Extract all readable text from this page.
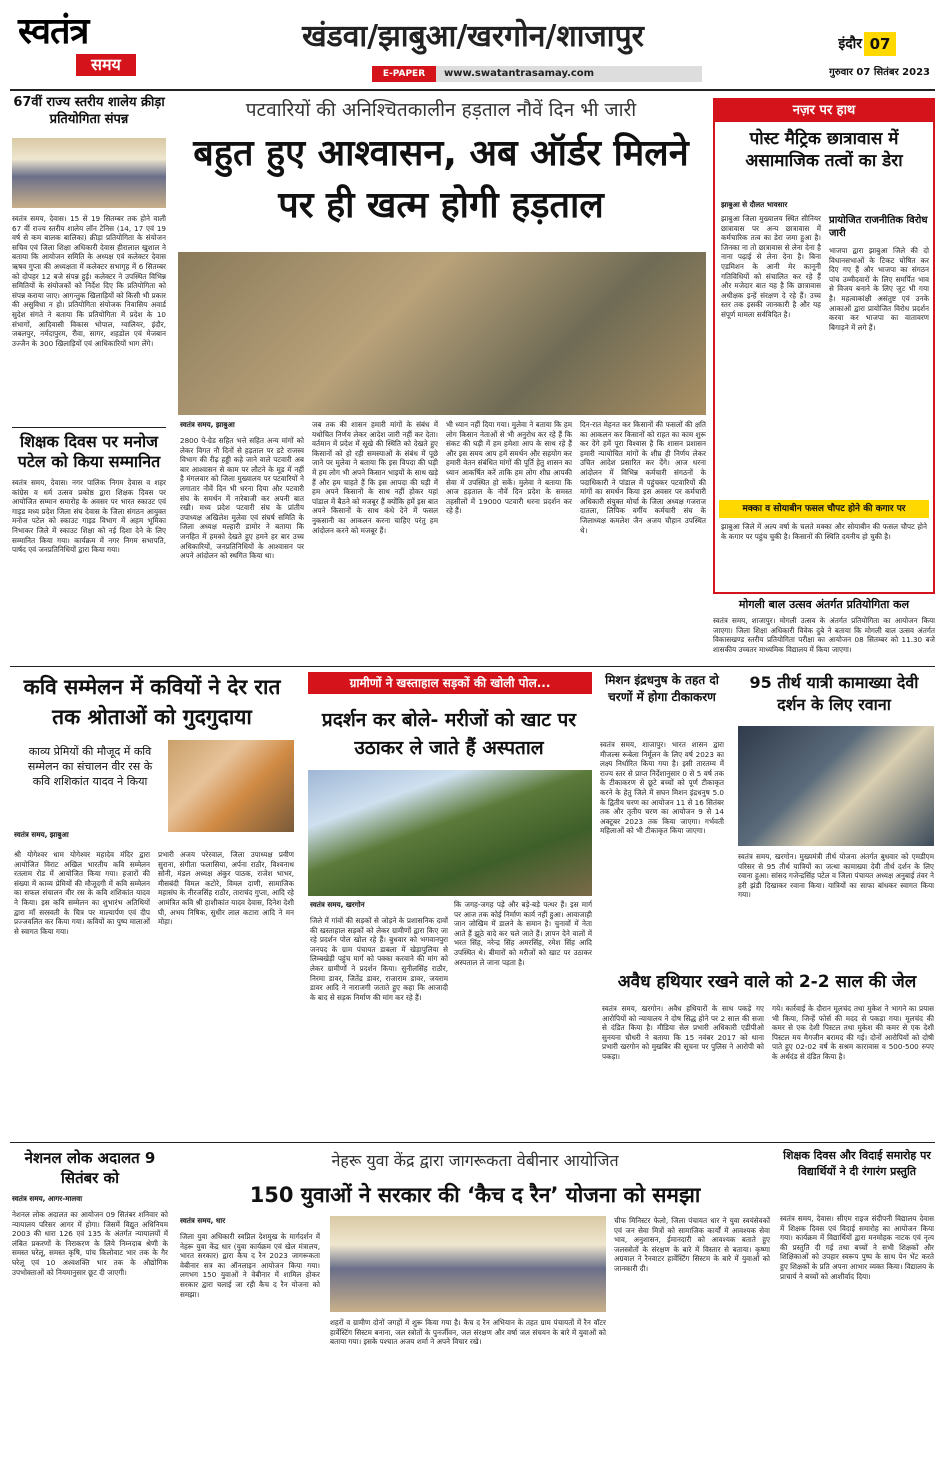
स्वतंत्र
समय
खंडवा/झाबुआ/खरगोन/शाजापुर
E-PAPER	www.swatantrasamay.com
इंदौर 07
गुरुवार 07 सितंबर 2023
67वीं राज्य स्तरीय शालेय क्रीड़ा प्रतियोगिता संपन्न
स्वतंत्र समय, देवास। 15 से 19 सितम्बर तक होने वाली 67 वीं राज्य स्तरीय शालेय लॉन टेनिस (14, 17 एवं 19 वर्ष से कम बालक बालिका) क्रीड़ा प्रतियोगिता के संयोजन सचिव एवं जिला शिक्षा अधिकारी देवास हीरालाल खुशाल ने बताया कि आयोजन समिति के अध्यक्ष एवं कलेक्टर देवास ऋषव गुप्ता की अध्यक्षता में कलेक्टर सभागृह में 6 सितम्बर को दोपहर 12 बजे संपन्न हुई। कलेक्टर ने उपस्थित विभिन्न समितियों के संयोजकों को निर्देश दिए कि प्रतियोगिता को संपन्न कराया जाए। आगन्तुक खिलाड़ियों को किसी भी प्रकार की असुविधा न हो। प्रतियोगिता संयोजक निवासिय अवार्ड सुदेश संगते ने बताया कि प्रतियोगिता में प्रदेश के 10 संभागों, आदिवासी विकास भोपाल, ग्वालियर, इंदौर, जबलपुर, नर्मदापुरम, रीवा, सागर, शहडोल एवं मेजबान उज्जैन के 300 खिलाड़ियों एवं आधिकारियों भाग लेंगे।
शिक्षक दिवस पर मनोज पटेल को किया सम्मानित
स्वतंत्र समय, देवास। नगर पालिक निगम देवास व शहर कांग्रेस व धर्म उत्सव प्रकोष्ठ द्वारा शिक्षक दिवस पर आयोजित सम्मान समारोह के अवसर पर भारत स्काउट एवं गाइड मध्य प्रदेश जिला संघ देवास के जिला संगठन आयुक्त मनोज पटेल को स्काउट गाइड विभाग में अहम भूमिका निभाकर जिले में स्काउट शिक्षा को नई दिशा देने के लिए सम्मानित किया गया। कार्यक्रम में नगर निगम सभापति, पार्षद एवं जनप्रतिनिधियों द्वारा किया गया।
पटवारियों की अनिश्चितकालीन हड़ताल नौवें दिन भी जारी
बहुत हुए आश्वासन, अब ऑर्डर मिलने पर ही खत्म होगी हड़ताल
स्वतंत्र समय, झाबुआ
2800 पे-ग्रेड सहित भत्ते सहित अन्य मांगों को लेकर विगत नौ दिनों से हड़ताल पर डटे राजस्व विभाग की रीढ़ हड्डी कहे जाने वाले पटवारी अब बार आश्वासन से काम पर लौटने के मूड में नहीं है मंगलवार को जिला मुख्यालय पर पटवारियों ने लगातार नौवें दिन भी धरना दिया और पटवारी संघ के समर्थन में नारेबाजी कर अपनी बात रखी। मध्य प्रदेश पटवारी संघ के प्रांतीय उपाध्यक्ष अखिलेश मुलेवा एवं संघर्ष समिति के जिला अध्यक्ष मल्हारी डामोर ने बताया कि जनहित में हमको देखते हुए हमने हर बार उच्च अधिकारियों, जनप्रतिनिधियों के आश्वासन पर अपने आंदोलन को स्थगित किया था।
जब तक की शासन हमारी मांगों के संबंध में यथोचित निर्णय लेकर आदेश जारी नहीं कर देता। वर्तमान में प्रदेश में सूखे की स्थिति को देखते हुए किसानों को हो रही समस्याओं के संबंध में पूछे जाने पर मुलेवा ने बताया कि इस विपदा की घड़ी में हम लोग भी अपने किसान भाइयों के साथ खड़े हैं और हम चाहते हैं कि इस आपदा की घड़ी में हम अपने किसानों के साथ नहीं होकर यहां पांडाल में बैठने को मजबूर हैं क्योंकि हमें इस बात अपने किसानों के साथ कंधे देने में फसल नुकसानी का आकलन करना चाहिए परंतु हम आंदोलन करने को मजबूर हैं।
भी ध्यान नहीं दिया गया। मुलेवा ने बताया कि हम लोग किसान नेताओं से भी अनुरोध कर रहे हैं कि संकट की घड़ी में हम हमेशा आप के साथ रहे हैं और इस समय आप हमें समर्थन और सहयोग कर हमारी वेतन संबंधित मांगों की पूर्ति हेतु शासन का ध्यान आकर्षित करें ताकि हम लोग शीघ्र आपकी सेवा में उपस्थित हो सकें। मुलेवा ने बताया कि आज हड़ताल के नौवें दिन प्रदेश के समस्त तहसीलों में 19000 पटवारी धरना प्रदर्शन कर रहे हैं।
दिन-रात मेहनत कर किसानों की फसलों की क्षति का आकलन कर किसानों को राहत का काम शुरू कर देंगे हमें पूरा विश्वास है कि शासन प्रशासन हमारी न्यायोचित मांगों के शीघ्र ही निर्णय लेकर उचित आदेश प्रसारित कर देंगे। आज धरना आंदोलन में विभिन्न कर्मचारी संगठनों के पदाधिकारी ने पांडाल में पहुंचकर पटवारियों की मांगों का समर्थन किया इस अवसर पर कर्मचारी अधिकारी संयुक्त मोर्चा के जिला अध्यक्ष गजराज दातला, लिपिक वर्गीय कर्मचारी संघ के जिलाध्यक्ष कमलेश जैन अजय चौहान उपस्थित थे।
नज़र पर हाथ
पोस्ट मैट्रिक छात्रावास में असामाजिक तत्वों का डेरा
झाबुआ से दौलत भावसार
झाबुआ जिला मुख्यालय स्थित सीनियर छात्रावास पर अन्य छात्रावास में कर्मचारिक तत्व का डेरा जमा हुआ है। जिनका ना तो छात्रावास से लेना देना है नाना पढ़ाई से लेना देना है। बिना एडमिशन के आनी मेर कानूनी गतिविधियों को संचालित कर रहे हैं और मजेदार बात यह है कि छात्रावास अधीक्षक इन्हें संरक्षण दे रहे हैं। उच्च स्तर तक इसकी जानकारी है और यह संपूर्ण मामला सर्वविदित है।
प्रायोजित राजनीतिक विरोध जारी
भाजपा द्वारा झाबुआ जिले की दो विधानसभाओं के टिकट घोषित कर दिए गए हैं और भाजपा का संगठन पांच उम्मीदवारों के लिए समर्पित भाव से विजय बनाने के लिए जुट भी गया है। महत्वाकांक्षी असंतुष्ट एवं उनके आकाओं द्वारा प्रायोजित विरोध प्रदर्शन करवा कर भाजपा का वातावरण बिगाड़ने में लगे हैं।
मक्का व सोयाबीन फसल चौपट होने की कगार पर
झाबुआ जिले में अल्प वर्षा के चलते मक्का और सोयाबीन की फसल चौपट होने के कगार पर पहुंच चुकी है। किसानों की स्थिति दयनीय हो चुकी है।
मोगली बाल उत्सव अंतर्गत प्रतियोगिता कल
स्वतंत्र समय, शाजापुर। मोगली उत्सव के अंतर्गत प्रतियोगिता का आयोजन किया जाएगा। जिला शिक्षा अधिकारी विवेक दुबे ने बताया कि मोगली बाल उत्सव अंतर्गत विकासखण्ड स्तरीय प्रतियोगिता परीक्षा का आयोजन 08 सितम्बर को 11.30 बजे शासकीय उच्चतर माध्यमिक विद्यालय में किया जाएगा।
कवि सम्मेलन में कवियों ने देर रात तक श्रोताओं को गुदगुदाया
काव्य प्रेमियों की मौजूद में कवि सम्मेलन का संचालन वीर रस के कवि शशिकांत यादव ने किया
स्वतंत्र समय, झाबुआ
श्री योगेश्वर धाम योगेश्वर महादेव मंदिर द्वारा आयोजित विराट अखिल भारतीय कवि सम्मेलन रतलाम रोड में आयोजित किया गया। हजारों की संख्या में काव्य प्रेमियों की मौजूदगी में कवि सम्मेलन का सफल संचालन वीर रस के कवि शशिकांत यादव ने किया। इस कवि सम्मेलन का शुभारंभ अतिथियों द्वारा माँ सरस्वती के चित्र पर माल्यार्पण एवं दीप प्रज्जवलित कर किया गया। कवियों का पुष्प मालाओं से स्वागत किया गया।
प्रभारी अजय परेरवाल, जिला उपाध्यक्ष प्रवीण सुराना, संगीता फलासिया, अर्पना राठौर, विश्वनाथ सोनी, मंडल अध्यक्ष अंकुर पाठक, राजेश भाभर, मीसबंदी विमल कटोरे, विमल दाणी, सामाजिक महासंघ के नीरजसिंह राठौर, ताराचंद गुप्ता, आदि रहे आमंत्रित कवि श्री हाशीकांत यादव देवास, दिनेश देशी घी, अभय निषिक, सुधीर लाल कटारा आदि ने मन मोहा।
ग्रामीणों ने खस्ताहाल सड़कों की खोली पोल...
प्रदर्शन कर बोले- मरीजों को खाट पर उठाकर ले जाते हैं अस्पताल
स्वतंत्र समय, खरगोन
जिले में गांवों की सड़कों से जोड़ने के प्रशासनिक दावों की खस्ताहाल सड़कों को लेकर ग्रामीणों द्वारा किए जा रहे प्रदर्शन पोल खोल रहे हैं। बुधवार को भगवानपुरा जनपद के ग्राम पंचायत डाबला में खेड़ापुलिया से लिम्बखेड़ी पहुंच मार्ग को पक्का करवाने की मांग को लेकर ग्रामीणों ने प्रदर्शन किया। सुनीलसिंह राठौर, निरमा डावर, जितेंद्र डावर, राजाराम डावर, जयराम डावर आदि ने नाराजगी जताते हुए कहा कि आजादी के बाद से सड़क निर्माण की मांग कर रहे हैं।
कि जगह-जगह पड़े और बड़े-बड़े पत्थर हैं। इस मार्ग पर आज तक कोई निर्माण कार्य नहीं हुआ। आवाजाही जान जोखिम में डालने के समान है। चुनावों में नेता आते हैं झूठे वादे कर चले जाते हैं। ज्ञापन देने वालों में भरत सिंह, नरेन्द्र सिंह अमरसिंह, रमेश सिंह आदि उपस्थित थे। बीमारों को मरीजों को खाट पर उठाकर अस्पताल ले जाना पड़ता है।
मिशन इंद्रधनुष के तहत दो चरणों में होगा टीकाकरण
स्वतंत्र समय, शाजापुर। भारत शासन द्वारा मीजल्स रूबेला निर्मूलन के लिए वर्ष 2023 का लक्ष्य निर्धारित किया गया है। इसी तारतम्य में राज्य स्तर से प्राप्त निर्देशानुसार 0 से 5 वर्ष तक के टीकाकरण से छूटे बच्चों को पूर्ण टीकाकृत करने के हेतु जिले में सघन मिशन इंद्रधनुष 5.0 के द्वितीय चरण का आयोजन 11 से 16 सितंबर तक और तृतीय चरण का आयोजन 9 से 14 अक्टूबर 2023 तक किया जाएगा। गर्भवती महिलाओं को भी टीकाकृत किया जाएगा।
95 तीर्थ यात्री कामाख्या देवी दर्शन के लिए रवाना
स्वतंत्र समय, खरगोन। मुख्यमंत्री तीर्थ योजना अंतर्गत बुधवार को एमडीएम परिसर से 95 तीर्थ यात्रियों का जत्था कामाख्या देवी तीर्थ दर्शन के लिए रवाना हुआ। सांसद गजेन्द्रसिंह पटेल व जिला पंचायत अध्यक्ष अनुबाई तंवर ने हरी झंडी दिखाकर रवाना किया। यात्रियों का साफा बांधकर स्वागत किया गया।
अवैध हथियार रखने वाले को 2-2 साल की जेल
स्वतंत्र समय, खरगोन। अवैध हथियारों के साथ पकड़े गए आरोपियों को न्यायालय ने दोष सिद्ध होने पर 2 साल की सजा से दंडित किया है। मीडिया सेल प्रभारी अधिकारी एडीपीओ सुनयना चौधरी ने बताया कि 15 नवंबर 2017 को थाना प्रभारी खरगोन को मुखबिर की सूचना पर पुलिस ने आरोपी को पकड़ा।
गये। कार्रवाई के दौरान मूलचंद तथा मुकेश ने भागने का प्रयास भी किया, जिन्हें फोर्स की मदद से पकड़ा गया। मूलचंद की कमर से एक देशी पिस्टल तथा मुकेश की कमर से एक देशी पिस्टल मय मैगजीन बरामद की गई। दोनों आरोपियों को दोषी पाते हुए 02-02 वर्ष के सश्रम कारावास व 500-500 रुपए के अर्थदंड से दंडित किया है।
नेशनल लोक अदालत 9 सितंबर को
स्वतंत्र समय, आगर-मालवा
नेशनल लोक अदालत का आयोजन 09 सितंबर शनिवार को न्यायालय परिसर आगर में होगा। जिसमें विद्युत अधिनियम 2003 की धारा 126 एवं 135 के अंतर्गत न्यायालयों में लंबित प्रकरणों के निराकरण के लिये निम्नदाब श्रेणी के समस्त घरेलू, समस्त कृषि, पांच किलोवाट भार तक के गैर घरेलू एवं 10 अश्वशक्ति भार तक के औद्योगिक उपभोक्ताओं को नियमानुसार छूट दी जाएगी।
नेहरू युवा केंद्र द्वारा जागरूकता वेबीनार आयोजित
150 युवाओं ने सरकार की ‘कैच द रैन’ योजना को समझा
स्वतंत्र समय, धार
जिला युवा अधिकारी स्वप्निल देशमुख के मार्गदर्शन में नेहरू युवा केंद्र धार (युवा कार्यक्रम एवं खेल मंत्रालय, भारत सरकार) द्वारा कैच द रैन 2023 जागरूकता वेबीनार सत्र का ऑनलाइन आयोजन किया गया। लगभग 150 युवाओं ने वेबीनार में शामिल होकर सरकार द्वारा चलाई जा रही कैच द रैन योजना को समझा।
शहरों व ग्रामीण दोनों जगहों में शुरू किया गया है। कैच द रैन अभियान के तहत ग्राम पंचायतों में रैन वॉटर हार्वेस्टिंग सिस्टम बनाना, जल स्त्रोतों के पुनर्जीवन, जल संरक्षण और वर्षा जल संचयन के बारे में युवाओं को बताया गया। इसके पश्चात अजय शर्मा ने अपने विचार रखे।
चीफ मिनिस्टर फेलो, जिला पंचायत धार ने युवा स्वयंसेवकों एवं जन सेवा मित्रों को सामाजिक कार्यों में आवश्यक सेवा भाव, अनुशासन, ईमानदारी को आवश्यक बताते हुए जलस्त्रोतों के संरक्षण के बारे में विस्तार से बताया। कृष्णा अग्रवाल ने रैनवाटर हार्वेस्टिंग सिस्टम के बारे में युवाओं को जानकारी दी।
शिक्षक दिवस और विदाई समारोह पर विद्यार्थियों ने दी रंगारंग प्रस्तुति
स्वतंत्र समय, देवास। सीएम राइज संदीपनी विद्यालय देवास में शिक्षक दिवस एवं विदाई समारोह का आयोजन किया गया। कार्यक्रम में विद्यार्थियों द्वारा मनमोहक नाटक एवं नृत्य की प्रस्तुति दी गई तथा बच्चों ने सभी शिक्षकों और शिक्षिकाओं को उपहार स्वरूप पुष्प के साथ पेन भेंट करते हुए शिक्षकों के प्रति अपना आभार व्यक्त किया। विद्यालय के प्राचार्य ने बच्चों को आशीर्वाद दिया।
